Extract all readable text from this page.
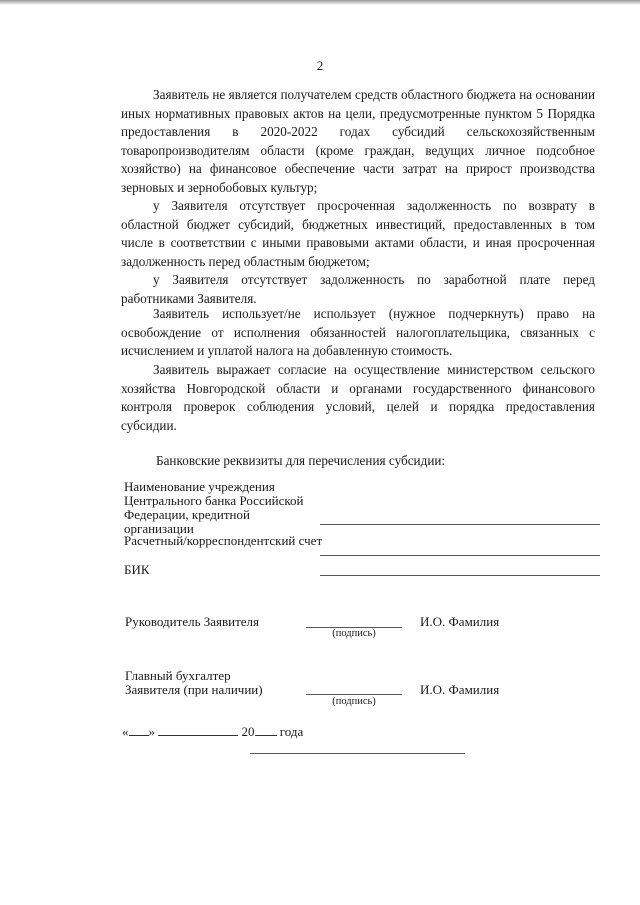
2

Заявитель не является получателем средств областного бюджета на основании иных нормативных правовых актов на цели, предусмотренные пунктом 5 Порядка предоставления в 2020-2022 годах субсидий сельскохозяйственным товаропроизводителям области (кроме граждан, ведущих личное подсобное хозяйство) на финансовое обеспечение части затрат на прирост производства зерновых и зернобобовых культур;

у Заявителя отсутствует просроченная задолженность по возврату в областной бюджет субсидий, бюджетных инвестиций, предоставленных в том числе в соответствии с иными правовыми актами области, и иная просроченная задолженность перед областным бюджетом;

у Заявителя отсутствует задолженность по заработной плате перед работниками Заявителя.

Заявитель использует/не использует (нужное подчеркнуть) право на освобождение от исполнения обязанностей налогоплательщика, связанных с исчислением и уплатой налога на добавленную стоимость.

Заявитель выражает согласие на осуществление министерством сельского хозяйства Новгородской области и органами государственного финансового контроля проверок соблюдения условий, целей и порядка предоставления субсидии.

Банковские реквизиты для перечисления субсидии:
Наименование учреждения Центрального банка Российской Федерации, кредитной организации
Расчетный/корреспондентский счет
БИК
Руководитель Заявителя
(подпись)
И.О. Фамилия
Главный бухгалтер
Заявителя (при наличии)
(подпись)
И.О. Фамилия
« »	20 года
